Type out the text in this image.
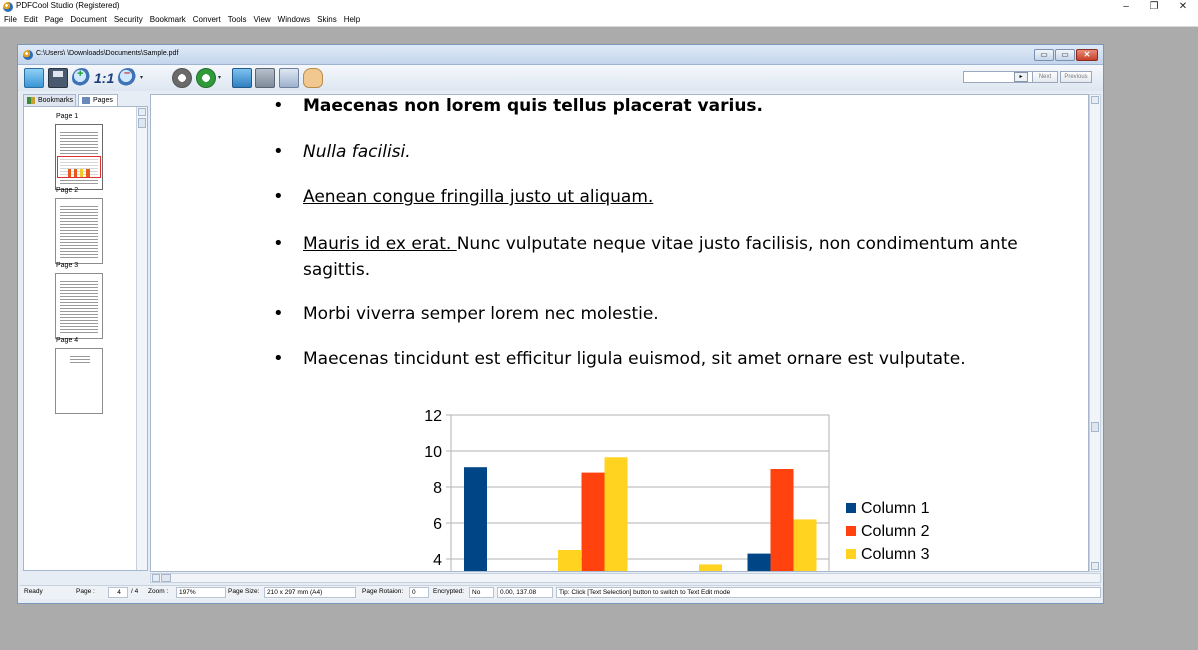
PDFCool Studio (Registered)	–	❐	✕
File Edit Page Document Security Bookmark Convert Tools View Windows Skins Help
C:\Users\ \Downloads\Documents\Sample.pdf	▭	▭	✕
+
1:1
–	▾	▾	▸	Next	Previous
Bookmarks	Pages
Page 1
Page 2
Page 3
Page 4
• Maecenas non lorem quis tellus placerat varius.
• Nulla facilisi.
• Aenean congue fringilla justo ut aliquam.
• Mauris id ex erat. Nunc vulputate neque vitae justo facilisis, non condimentum ante sagittis.
• Morbi viverra semper lorem nec molestie.
• Maecenas tincidunt est efficitur ligula euismod, sit amet ornare est vulputate.
4
6
8
10
12
Column 1
Column 2
Column 3
Ready	Page :	4	/ 4 Zoom :	197%	Page Size:	210 x 297 mm (A4)	Page Rotaion:	0	Encrypted:	No	0.00, 137.08	Tip: Click [Text Selection] button to switch to Text Edit mode
